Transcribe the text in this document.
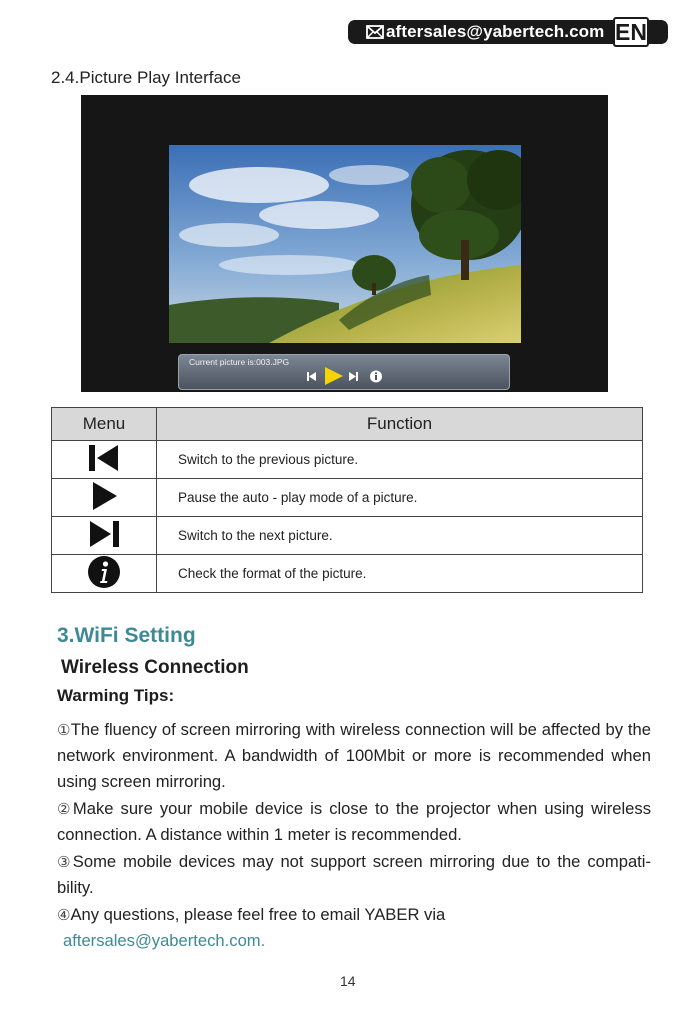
aftersales@yabertech.com EN
2.4.Picture Play Interface
Current picture is:003.JPG
Menu	Function
	Switch to the previous picture.
	Pause the auto - play mode of a picture.
	Switch to the next picture.
	Check the format of the picture.
3.WiFi Setting
Wireless Connection
Warming Tips:
①The fluency of screen mirroring with wireless connection will be affected by the network environment. A bandwidth of 100Mbit or more is recommended when using screen mirroring.
②Make sure your mobile device is close to the projector when using wireless connection. A distance within 1 meter is recommended.
③Some mobile devices may not support screen mirroring due to the compati-bility.
④Any questions, please feel free to email YABER via
aftersales@yabertech.com.
14
